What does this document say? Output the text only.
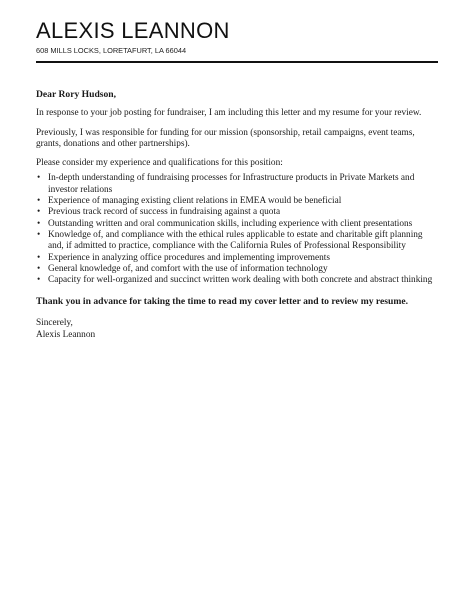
ALEXIS LEANNON
608 MILLS LOCKS, LORETAFURT, LA 66044

Dear Rory Hudson,

In response to your job posting for fundraiser, I am including this letter and my resume for your review.

Previously, I was responsible for funding for our mission (sponsorship, retail campaigns, event teams, grants, donations and other partnerships).

Please consider my experience and qualifications for this position:

• In-depth understanding of fundraising processes for Infrastructure products in Private Markets and investor relations
• Experience of managing existing client relations in EMEA would be beneficial
• Previous track record of success in fundraising against a quota
• Outstanding written and oral communication skills, including experience with client presentations
• Knowledge of, and compliance with the ethical rules applicable to estate and charitable gift planning and, if admitted to practice, compliance with the California Rules of Professional Responsibility
• Experience in analyzing office procedures and implementing improvements
• General knowledge of, and comfort with the use of information technology
• Capacity for well-organized and succinct written work dealing with both concrete and abstract thinking

Thank you in advance for taking the time to read my cover letter and to review my resume.

Sincerely,

Alexis Leannon
